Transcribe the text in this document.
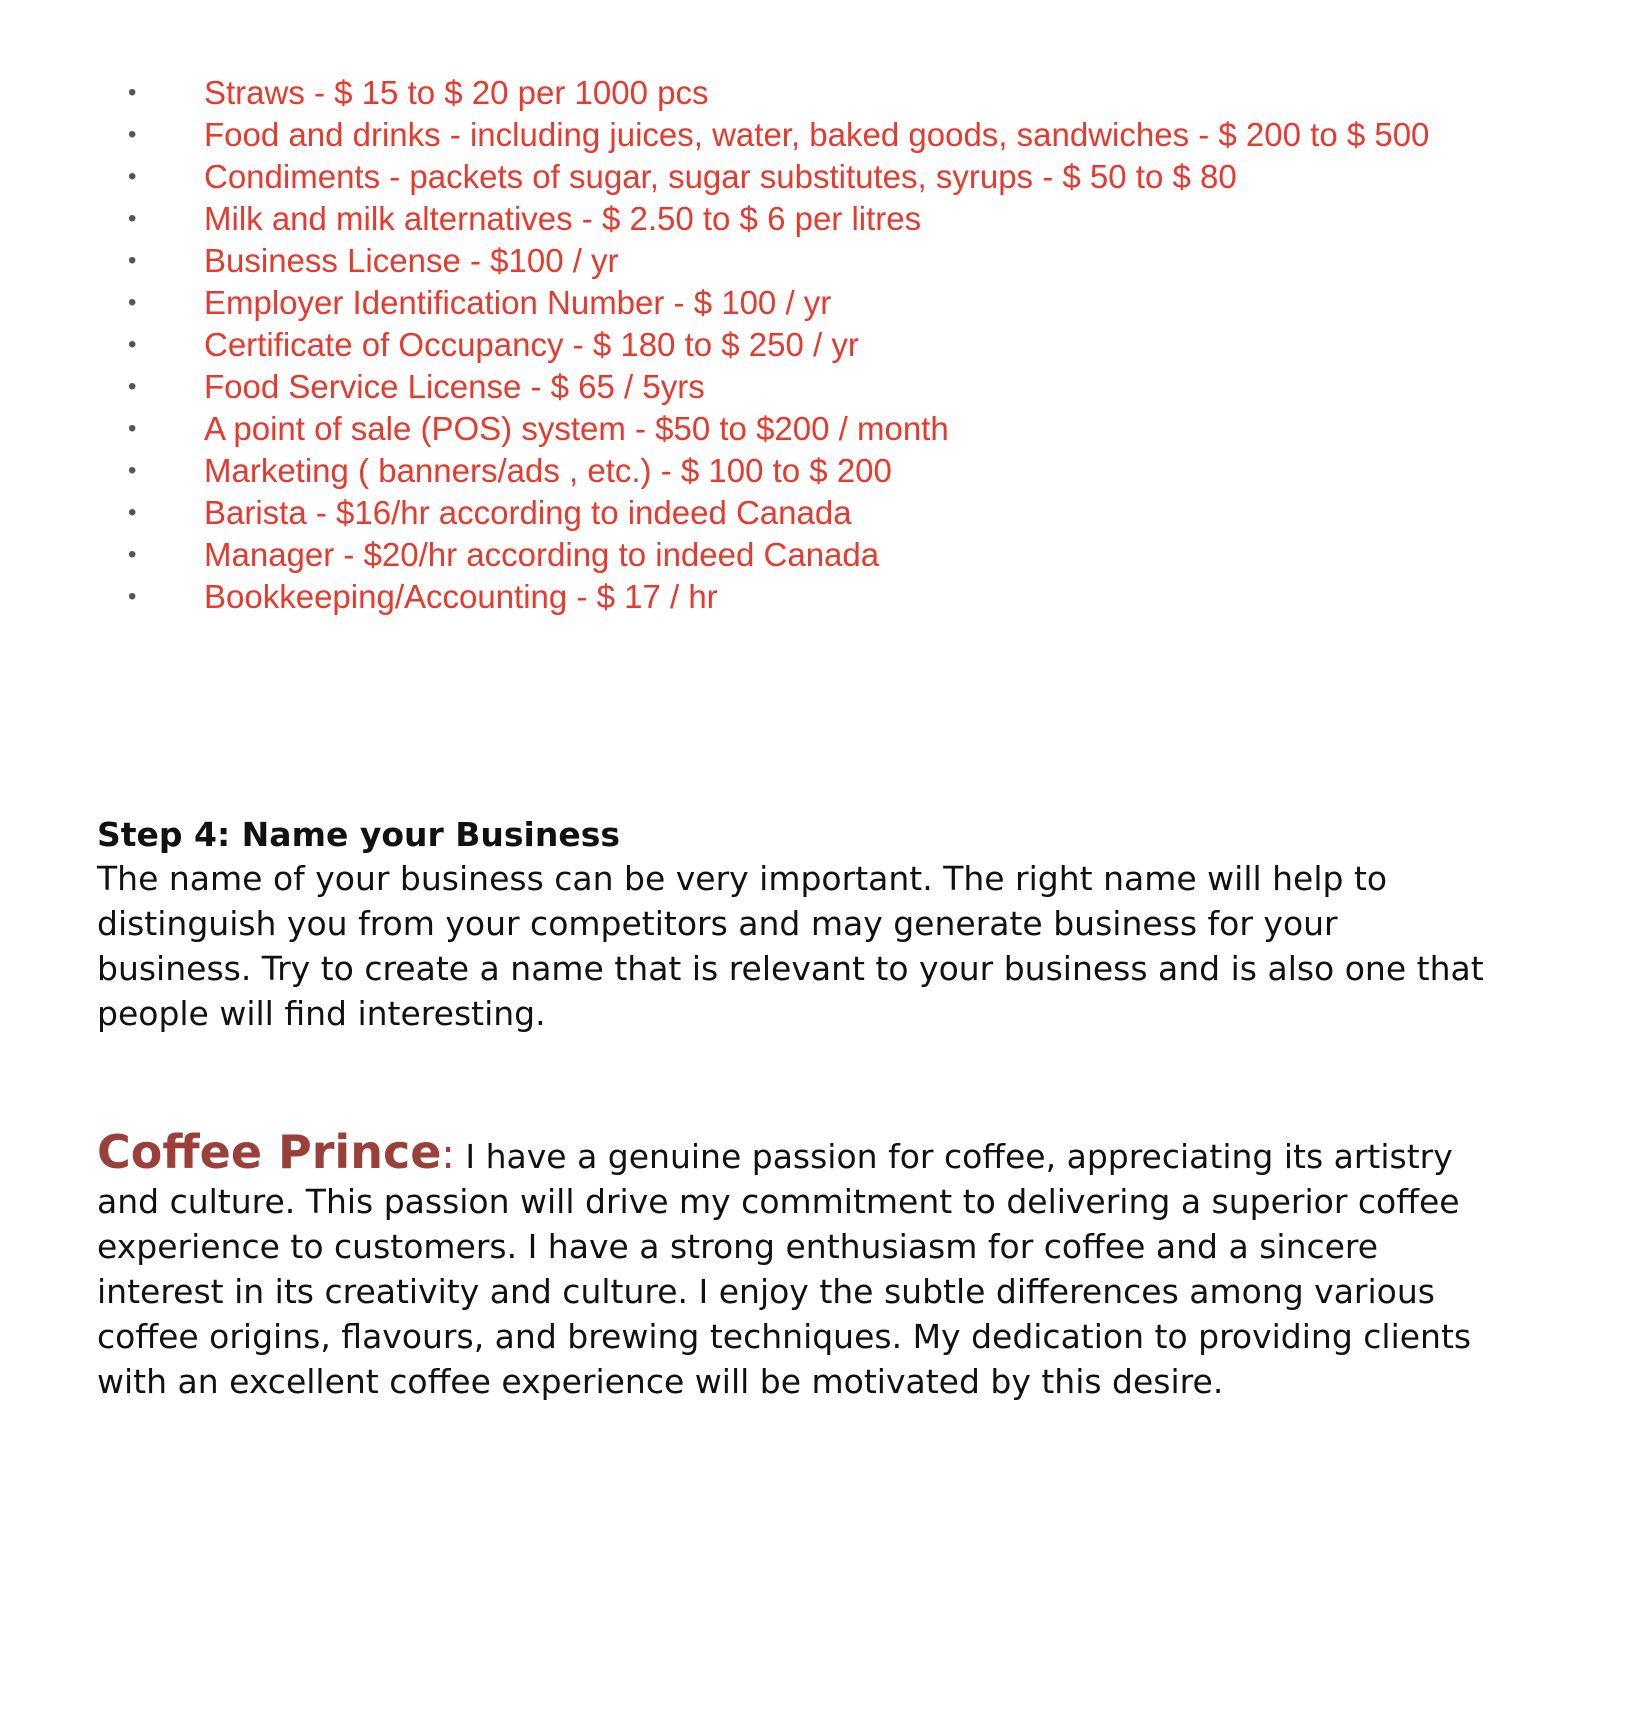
• Straws - $ 15 to $ 20 per 1000 pcs
• Food and drinks - including juices, water, baked goods, sandwiches - $ 200 to $ 500
• Condiments - packets of sugar, sugar substitutes, syrups - $ 50 to $ 80
• Milk and milk alternatives - $ 2.50 to $ 6 per litres
• Business License - $100 / yr
• Employer Identification Number - $ 100 / yr
• Certificate of Occupancy - $ 180 to $ 250 / yr
• Food Service License - $ 65 / 5yrs
• A point of sale (POS) system - $50 to $200 / month
• Marketing ( banners/ads , etc.) - $ 100 to $ 200
• Barista - $16/hr according to indeed Canada
• Manager - $20/hr according to indeed Canada
• Bookkeeping/Accounting - $ 17 / hr
Step 4: Name your Business

The name of your business can be very important. The right name will help to distinguish you from your competitors and may generate business for your business. Try to create a name that is relevant to your business and is also one that people will find interesting.

Coffee Prince: I have a genuine passion for coffee, appreciating its artistry and culture. This passion will drive my commitment to delivering a superior coffee experience to customers. I have a strong enthusiasm for coffee and a sincere interest in its creativity and culture. I enjoy the subtle differences among various coffee origins, flavours, and brewing techniques. My dedication to providing clients with an excellent coffee experience will be motivated by this desire.
